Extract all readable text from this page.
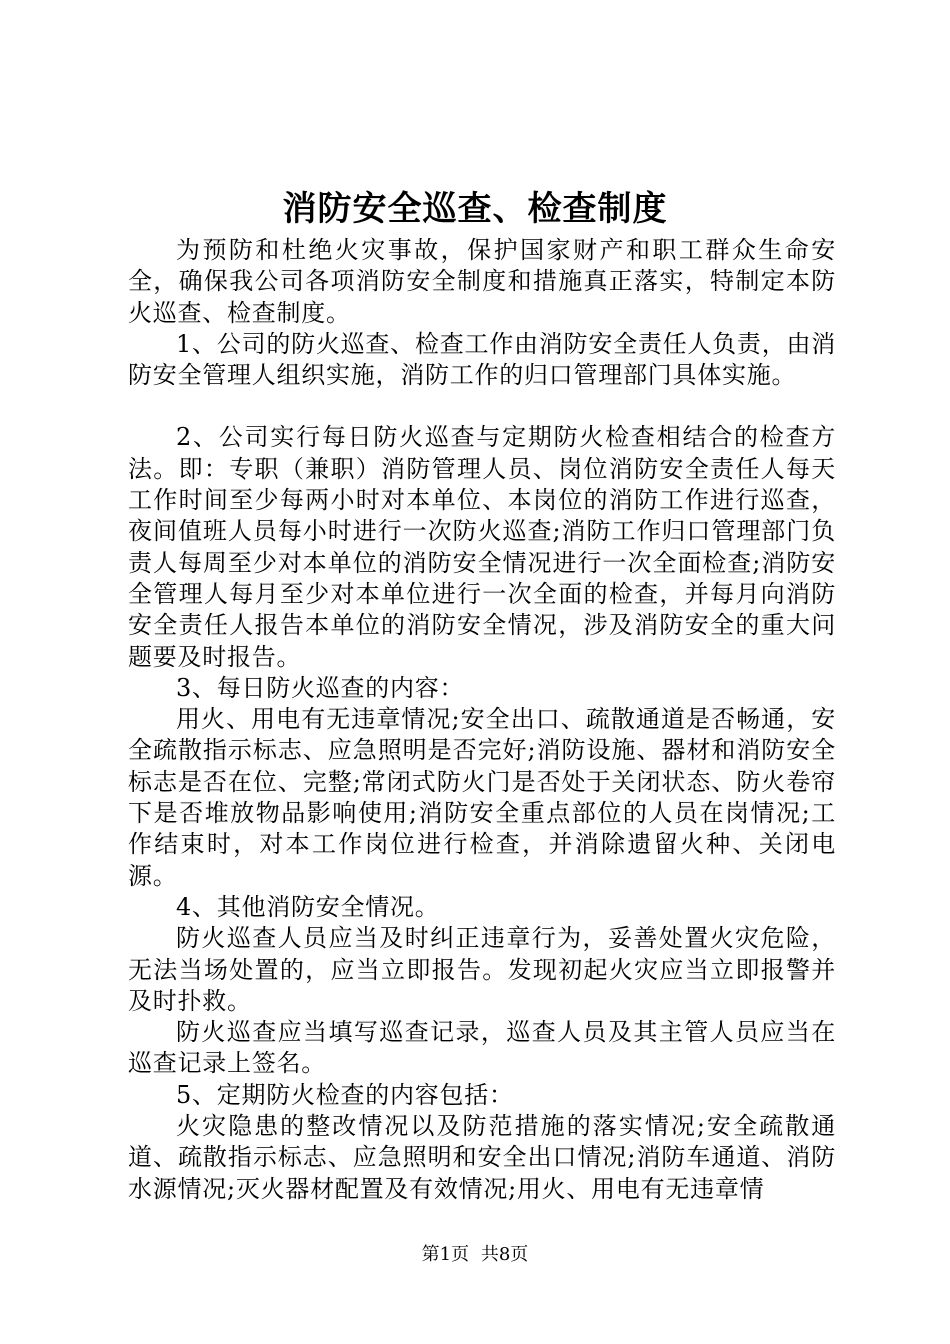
消防安全巡查、检查制度

为预防和杜绝火灾事故，保护国家财产和职工群众生命安全，确保我公司各项消防安全制度和措施真正落实，特制定本防火巡查、检查制度。

1、公司的防火巡查、检查工作由消防安全责任人负责，由消防安全管理人组织实施，消防工作的归口管理部门具体实施。

2、公司实行每日防火巡查与定期防火检查相结合的检查方法。即：专职（兼职）消防管理人员、岗位消防安全责任人每天工作时间至少每两小时对本单位、本岗位的消防工作进行巡查，夜间值班人员每小时进行一次防火巡查;消防工作归口管理部门负责人每周至少对本单位的消防安全情况进行一次全面检查;消防安全管理人每月至少对本单位进行一次全面的检查，并每月向消防安全责任人报告本单位的消防安全情况，涉及消防安全的重大问题要及时报告。

3、每日防火巡查的内容：

用火、用电有无违章情况;安全出口、疏散通道是否畅通，安全疏散指示标志、应急照明是否完好;消防设施、器材和消防安全标志是否在位、完整;常闭式防火门是否处于关闭状态、防火卷帘下是否堆放物品影响使用;消防安全重点部位的人员在岗情况;工作结束时，对本工作岗位进行检查，并消除遗留火种、关闭电源。

4、其他消防安全情况。

防火巡查人员应当及时纠正违章行为，妥善处置火灾危险，无法当场处置的，应当立即报告。发现初起火灾应当立即报警并及时扑救。

防火巡查应当填写巡查记录，巡查人员及其主管人员应当在巡查记录上签名。

5、定期防火检查的内容包括：

火灾隐患的整改情况以及防范措施的落实情况;安全疏散通道、疏散指示标志、应急照明和安全出口情况;消防车通道、消防水源情况;灭火器材配置及有效情况;用火、用电有无违章情

第1页 共8页
